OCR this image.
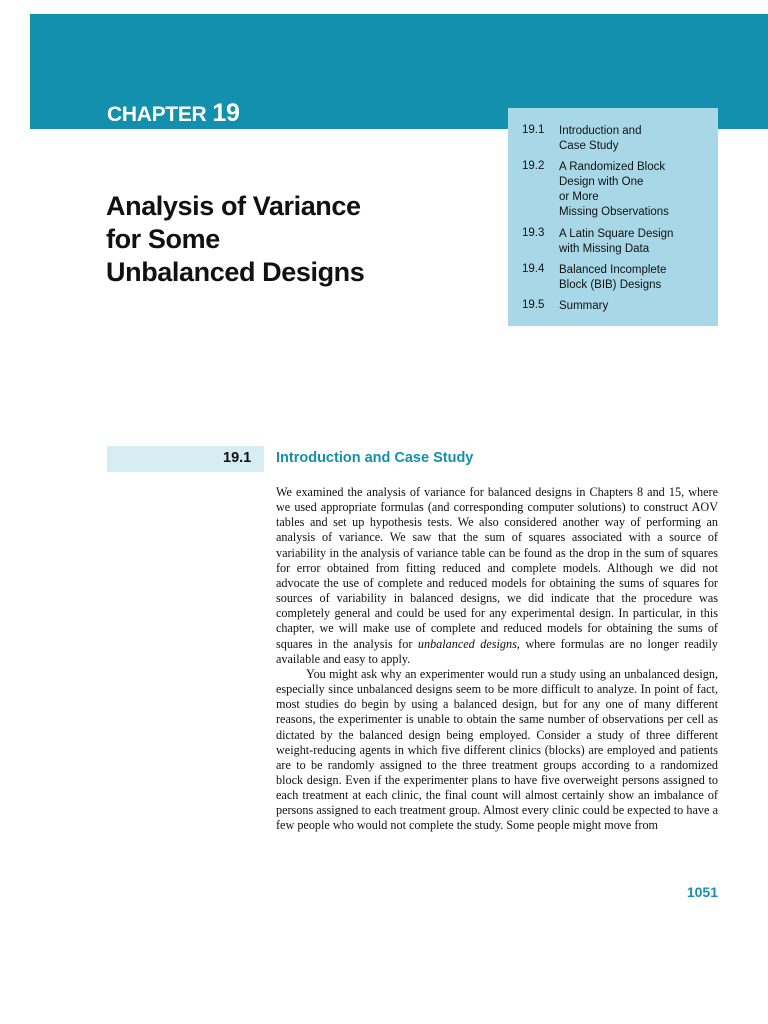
CHAPTER 19
Analysis of Variance
for Some
Unbalanced Designs
19.1 Introduction and
Case Study
19.2 A Randomized Block
Design with One
or More
Missing Observations
19.3 A Latin Square Design
with Missing Data
19.4 Balanced Incomplete
Block (BIB) Designs
19.5 Summary
19.1 Introduction and Case Study

We examined the analysis of variance for balanced designs in Chapters 8 and 15, where we used appropriate formulas (and corresponding computer solutions) to construct AOV tables and set up hypothesis tests. We also considered another way of performing an analysis of variance. We saw that the sum of squares associated with a source of variability in the analysis of variance table can be found as the drop in the sum of squares for error obtained from fitting reduced and complete models. Although we did not advocate the use of complete and reduced models for obtaining the sums of squares for sources of variability in balanced designs, we did indicate that the procedure was completely general and could be used for any experimental design. In particular, in this chapter, we will make use of complete and reduced models for obtaining the sums of squares in the analysis for unbalanced designs, where formulas are no longer readily available and easy to apply.

You might ask why an experimenter would run a study using an unbalanced design, especially since unbalanced designs seem to be more difficult to analyze. In point of fact, most studies do begin by using a balanced design, but for any one of many different reasons, the experimenter is unable to obtain the same number of observations per cell as dictated by the balanced design being employed. Consider a study of three different weight-reducing agents in which five different clinics (blocks) are employed and patients are to be randomly assigned to the three treatment groups according to a randomized block design. Even if the experimenter plans to have five overweight persons assigned to each treatment at each clinic, the final count will almost certainly show an imbalance of persons assigned to each treatment group. Almost every clinic could be expected to have a few people who would not complete the study. Some people might move from

1051
